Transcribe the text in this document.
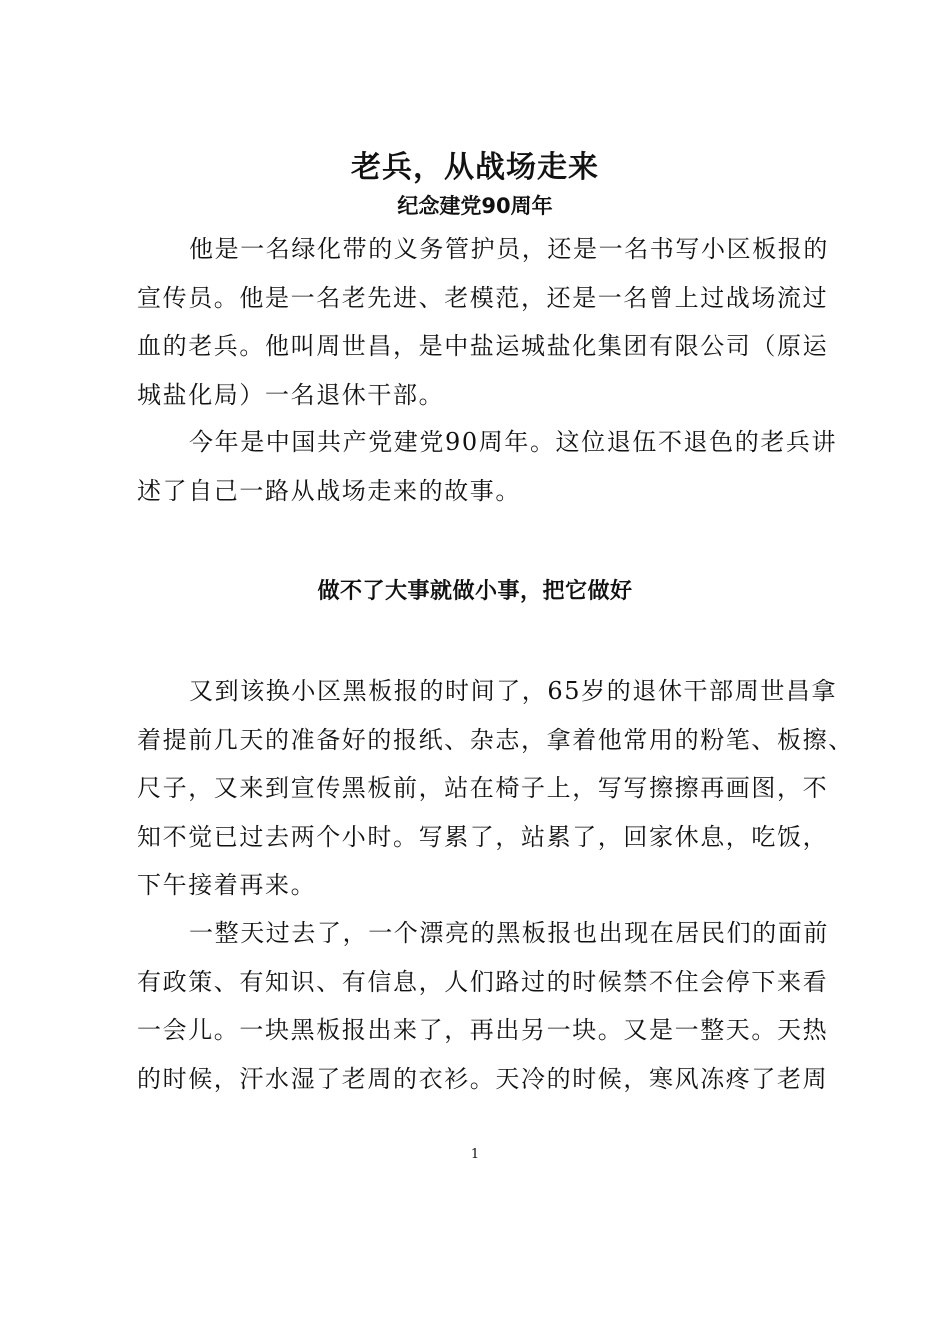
老兵，从战场走来
纪念建党90周年
他是一名绿化带的义务管护员，还是一名书写小区板报的
宣传员。他是一名老先进、老模范，还是一名曾上过战场流过
血的老兵。他叫周世昌，是中盐运城盐化集团有限公司（原运
城盐化局）一名退休干部。
今年是中国共产党建党90周年。这位退伍不退色的老兵讲
述了自己一路从战场走来的故事。
做不了大事就做小事，把它做好
又到该换小区黑板报的时间了，65岁的退休干部周世昌拿
着提前几天的准备好的报纸、杂志，拿着他常用的粉笔、板擦、
尺子，又来到宣传黑板前，站在椅子上，写写擦擦再画图，不
知不觉已过去两个小时。写累了，站累了，回家休息，吃饭，
下午接着再来。
一整天过去了，一个漂亮的黑板报也出现在居民们的面前
有政策、有知识、有信息，人们路过的时候禁不住会停下来看
一会儿。一块黑板报出来了，再出另一块。又是一整天。天热
的时候，汗水湿了老周的衣衫。天冷的时候，寒风冻疼了老周
1
